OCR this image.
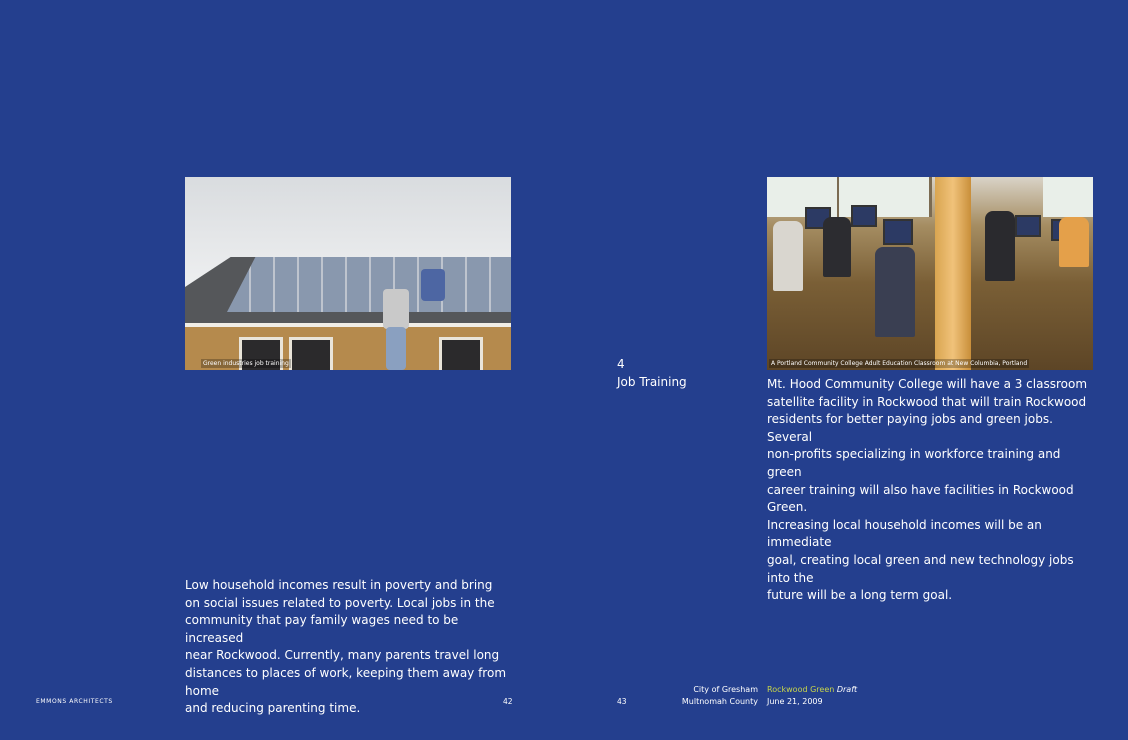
Green industries job training
Low household incomes result in poverty and bring
on social issues related to poverty. Local jobs in the
community that pay family wages need to be increased
near Rockwood. Currently, many parents travel long
distances to places of work, keeping them away from home
and reducing parenting time.
EMMONS ARCHITECTS	42
4
Job Training
A Portland Community College Adult Education Classroom at New Columbia, Portland
Mt. Hood Community College will have a 3 classroom
satellite facility in Rockwood that will train Rockwood
residents for better paying jobs and green jobs. Several
non-profits specializing in workforce training and green
career training will also have facilities in Rockwood Green.
Increasing local household incomes will be an immediate
goal, creating local green and new technology jobs into the
future will be a long term goal.
43
City of Gresham
Multnomah County
Rockwood Green Draft
June 21, 2009
